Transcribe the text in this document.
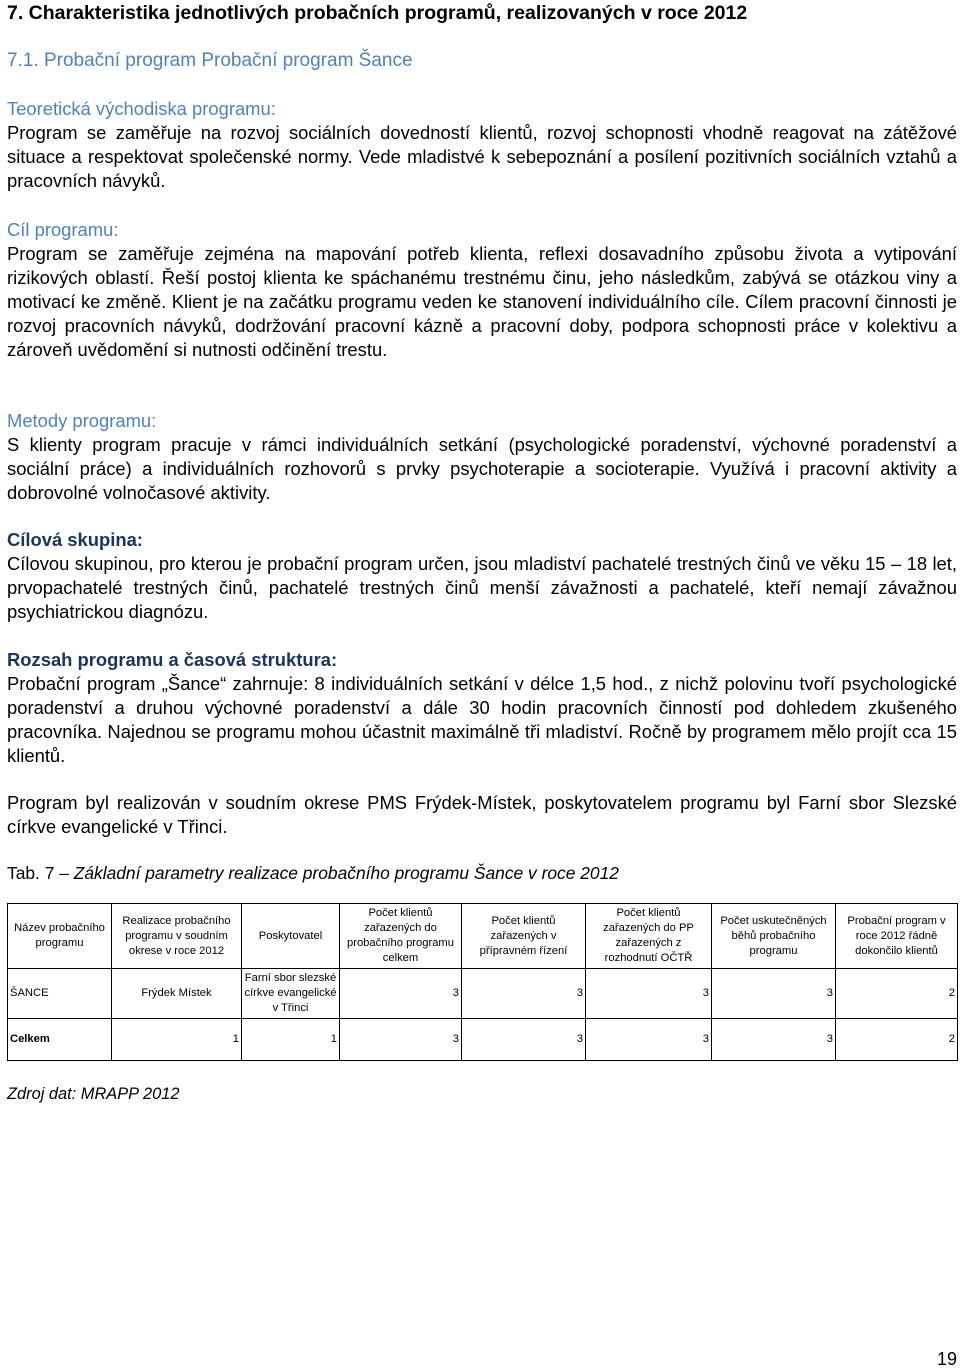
7. Charakteristika jednotlivých probačních programů, realizovaných v roce 2012
7.1. Probační program Probační program Šance
Teoretická východiska programu:

Program se zaměřuje na rozvoj sociálních dovedností klientů, rozvoj schopnosti vhodně reagovat na zátěžové situace a respektovat společenské normy. Vede mladistvé k sebepoznání a posílení pozitivních sociálních vztahů a pracovních návyků.

Cíl programu:

Program se zaměřuje zejména na mapování potřeb klienta, reflexi dosavadního způsobu života a vytipování rizikových oblastí. Řeší postoj klienta ke spáchanému trestnému činu, jeho následkům, zabývá se otázkou viny a motivací ke změně. Klient je na začátku programu veden ke stanovení individuálního cíle. Cílem pracovní činnosti je rozvoj pracovních návyků, dodržování pracovní kázně a pracovní doby, podpora schopnosti práce v kolektivu a zároveň uvědomění si nutnosti odčinění trestu.

Metody programu:

S klienty program pracuje v rámci individuálních setkání (psychologické poradenství, výchovné poradenství a sociální práce) a individuálních rozhovorů s prvky psychoterapie a socioterapie. Využívá i pracovní aktivity a dobrovolné volnočasové aktivity.

Cílová skupina:

Cílovou skupinou, pro kterou je probační program určen, jsou mladiství pachatelé trestných činů ve věku 15 – 18 let, prvopachatelé trestných činů, pachatelé trestných činů menší závažnosti a pachatelé, kteří nemají závažnou psychiatrickou diagnózu.

Rozsah programu a časová struktura:

Probační program „Šance“ zahrnuje: 8 individuálních setkání v délce 1,5 hod., z nichž polovinu tvoří psychologické poradenství a druhou výchovné poradenství a dále 30 hodin pracovních činností pod dohledem zkušeného pracovníka. Najednou se programu mohou účastnit maximálně tři mladiství. Ročně by programem mělo projít cca 15 klientů.

Program byl realizován v soudním okrese PMS Frýdek-Místek, poskytovatelem programu byl Farní sbor Slezské církve evangelické v Třinci.

Tab. 7 – Základní parametry realizace probačního programu Šance v roce 2012
Název probačního programu	Realizace probačního programu v soudním okrese v roce 2012	Poskytovatel	Počet klientů zařazených do probačního programu celkem	Počet klientů zařazených v přípravném řízení	Počet klientů zařazených do PP zařazených z rozhodnutí OČTŘ	Počet uskutečněných běhů probačního programu	Probační program v roce 2012 řádně dokončilo klientů
ŠANCE	Frýdek Místek	Farní sbor slezské církve evangelické v Třinci	3	3	3	3	2
Celkem	1	1	3	3	3	3	2
Zdroj dat: MRAPP 2012
19
